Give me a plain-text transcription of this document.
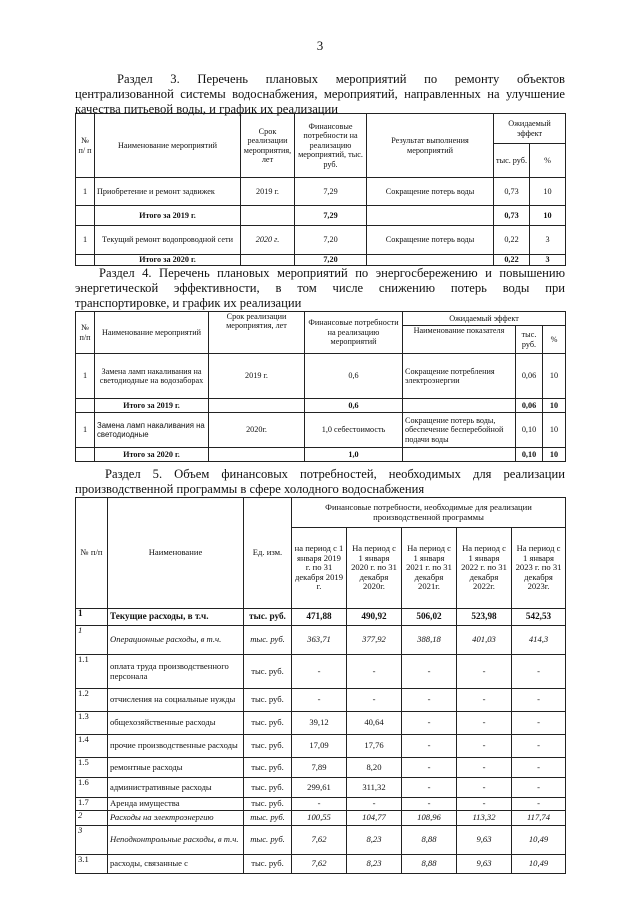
3
Раздел 3. Перечень плановых мероприятий по ремонту объектов
централизованной системы водоснабжения, мероприятий, направленных на улучшение
качества питьевой воды, и график их реализации
№ п/ п	Наименование мероприятий	Срок реализации мероприятия, лет	Финансовые потребности на реализацию мероприятий, тыс. руб.	Результат выполнения мероприятий	Ожидаемый эффект	
					тыс. руб.	%
1	Приобретение и ремонт задвижек	2019 г.	7,29	Сокращение потерь воды	0,73	10
	Итого за 2019 г.		7,29		0,73	10
1	Текущий ремонт водопроводной сети	2020 г.	7,20	Сокращение потерь воды	0,22	3
	Итого за 2020 г.		7,20		0,22	3
Раздел 4. Перечень плановых мероприятий по энергосбережению и повышению
энергетической эффективности, в том числе снижению потерь воды при
транспортировке, и график их реализации
№ п/п	Наименование мероприятий	Срок реализации мероприятия, лет	Финансовые потребности на реализацию мероприятий	Ожидаемый эффект		
				Наименование показателя	тыс. руб.	%
1	Замена ламп накаливания на светодиодные на водозаборах	2019 г.	0,6	Сокращение потребления электроэнергии	0,06	10
	Итого за 2019 г.		0,6		0,06	10
1	Замена ламп накаливания на светодиодные	2020г.	1,0 себестоимость	Сокращение потерь воды, обеспечение бесперебойной подачи воды	0,10	10
	Итого за 2020 г.		1,0		0,10	10
Раздел 5. Объем финансовых потребностей, необходимых для реализации
производственной программы в сфере холодного водоснабжения
№ п/п	Наименование	Ед. изм.	Финансовые потребности, необходимые для реализации производственной программы				
			на период с 1 января 2019 г. по 31 декабря 2019 г.	На период с 1 января 2020 г. по 31 декабря 2020г.	На период с 1 января 2021 г. по 31 декабря 2021г.	На период с 1 января 2022 г. по 31 декабря 2022г.	На период с 1 января 2023 г. по 31 декабря 2023г.
1	Текущие расходы, в т.ч.	тыс. руб.	471,88	490,92	506,02	523,98	542,53
1	Операционные расходы, в т.ч.	тыс. руб.	363,71	377,92	388,18	401,03	414,3
1.1	оплата труда производственного персонала	тыс. руб.	-	-	-	-	-
1.2	отчисления на социальные нужды	тыс. руб.	-	-	-	-	-
1.3	общехозяйственные расходы	тыс. руб.	39,12	40,64	-	-	-
1.4	прочие производственные расходы	тыс. руб.	17,09	17,76	-	-	-
1.5	ремонтные расходы	тыс. руб.	7,89	8,20	-	-	-
1.6	административные расходы	тыс. руб.	299,61	311,32	-	-	-
1.7	Аренда имущества	тыс. руб.	-	-	-	-	-
2	Расходы на электроэнергию	тыс. руб.	100,55	104,77	108,96	113,32	117,74
3	Неподконтрольные расходы, в т.ч.	тыс. руб.	7,62	8,23	8,88	9,63	10,49
3.1	расходы, связанные с	тыс. руб.	7,62	8,23	8,88	9,63	10,49
